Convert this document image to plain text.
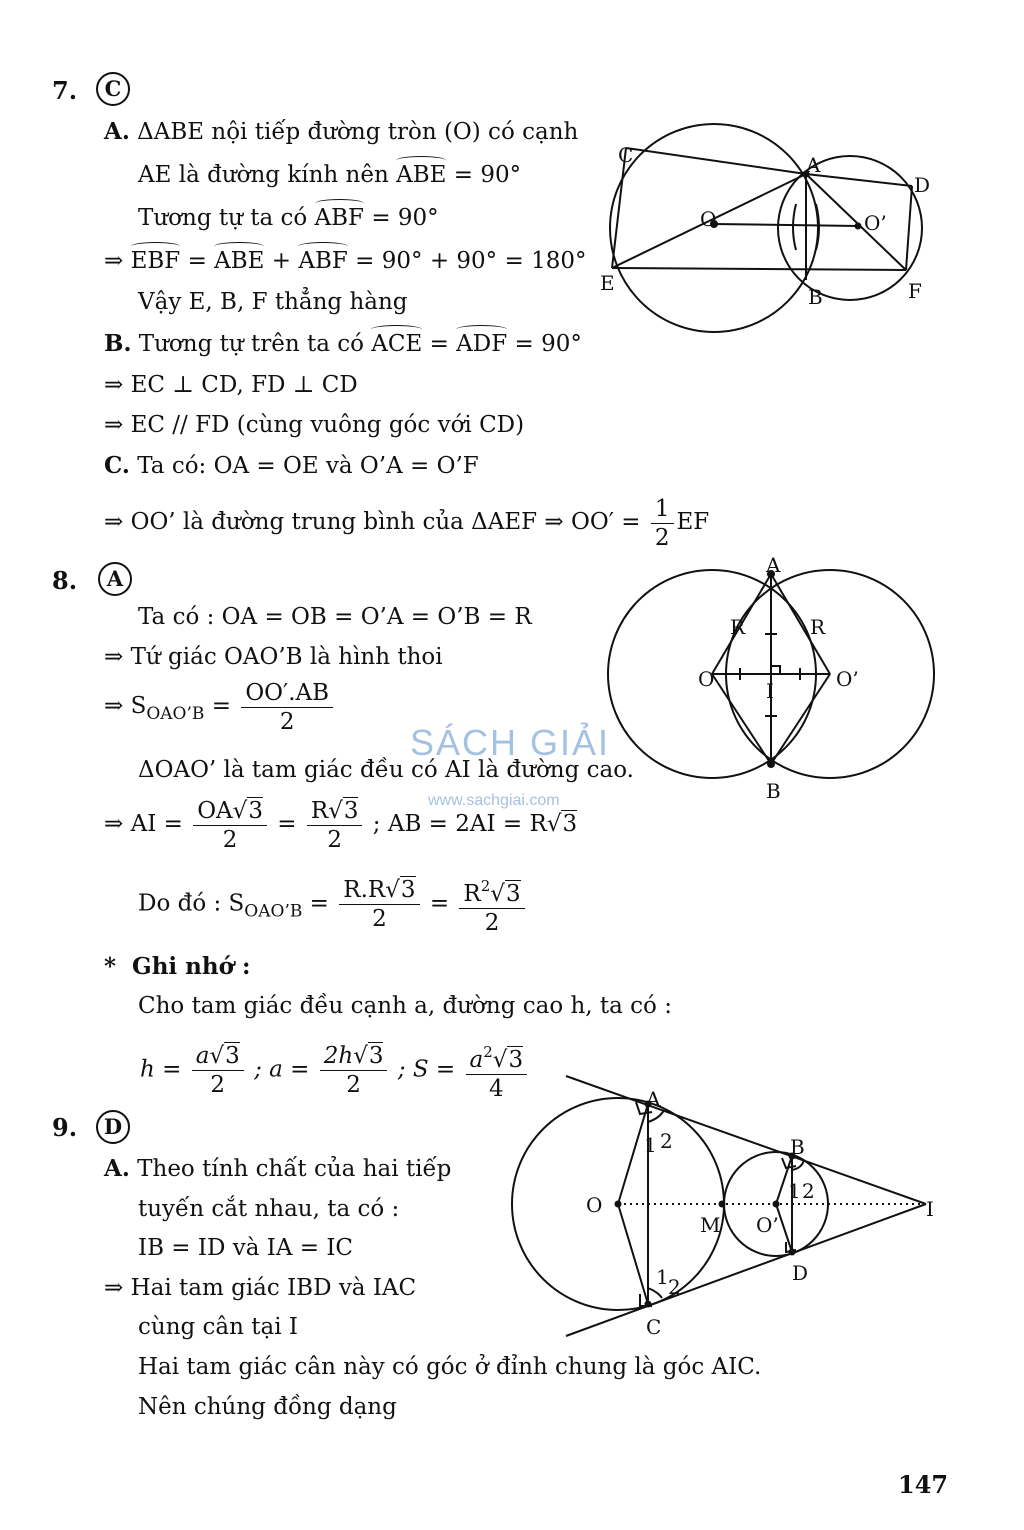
7.	C
A. ΔABE nội tiếp đường tròn (O) có cạnh
AE là đường kính nên ABE = 90°
Tương tự ta có ABF = 90°
⇒ EBF = ABE + ABF = 90° + 90° = 180°
Vậy E, B, F thẳng hàng
B. Tương tự trên ta có ACE = ADF = 90°
⇒ EC ⊥ CD, FD ⊥ CD
⇒ EC // FD (cùng vuông góc với CD)
C. Ta có: OA = OE và O’A = O’F
⇒ OO’ là đường trung bình của ΔAEF ⇒ $OO' = \frac{1}{2}$ EF
C	A
D
O	O’
E
B	F
8.	A
Ta có : OA = OB = O’A = O’B = R
⇒ Tứ giác OAO’B là hình thoi
⇒ $S_{OAO’B} = \frac{OO'.AB}{2}$
ΔOAO’ là tam giác đều có AI là đường cao.
⇒ AI = $\frac{OA√3}{2} = \frac{R√3}{2}$ ; AB = 2AI = R√3
Do đó : $S_{OAO’B} = \frac{R.R√3}{2} = \frac{R^2√3}{2}$
* Ghi nhớ :
Cho tam giác đều cạnh a, đường cao h, ta có :
$h = \frac{a√3}{2}$ ; $a = \frac{2h√3}{2}$ ; $S = \frac{a^2√3}{4}$
A
R	R
O	I	O’
B
SÁCH GIẢI
www.sachgiai.com
9.	D
A. Theo tính chất của hai tiếp
tuyến cắt nhau, ta có :
IB = ID và IA = IC
⇒ Hai tam giác IBD và IAC
cùng cân tại I
Hai tam giác cân này có góc ở đỉnh chung là góc AIC.
Nên chúng đồng dạng
A
1 2	B
1 2
O
M O’
I
1 2
D
C
147
